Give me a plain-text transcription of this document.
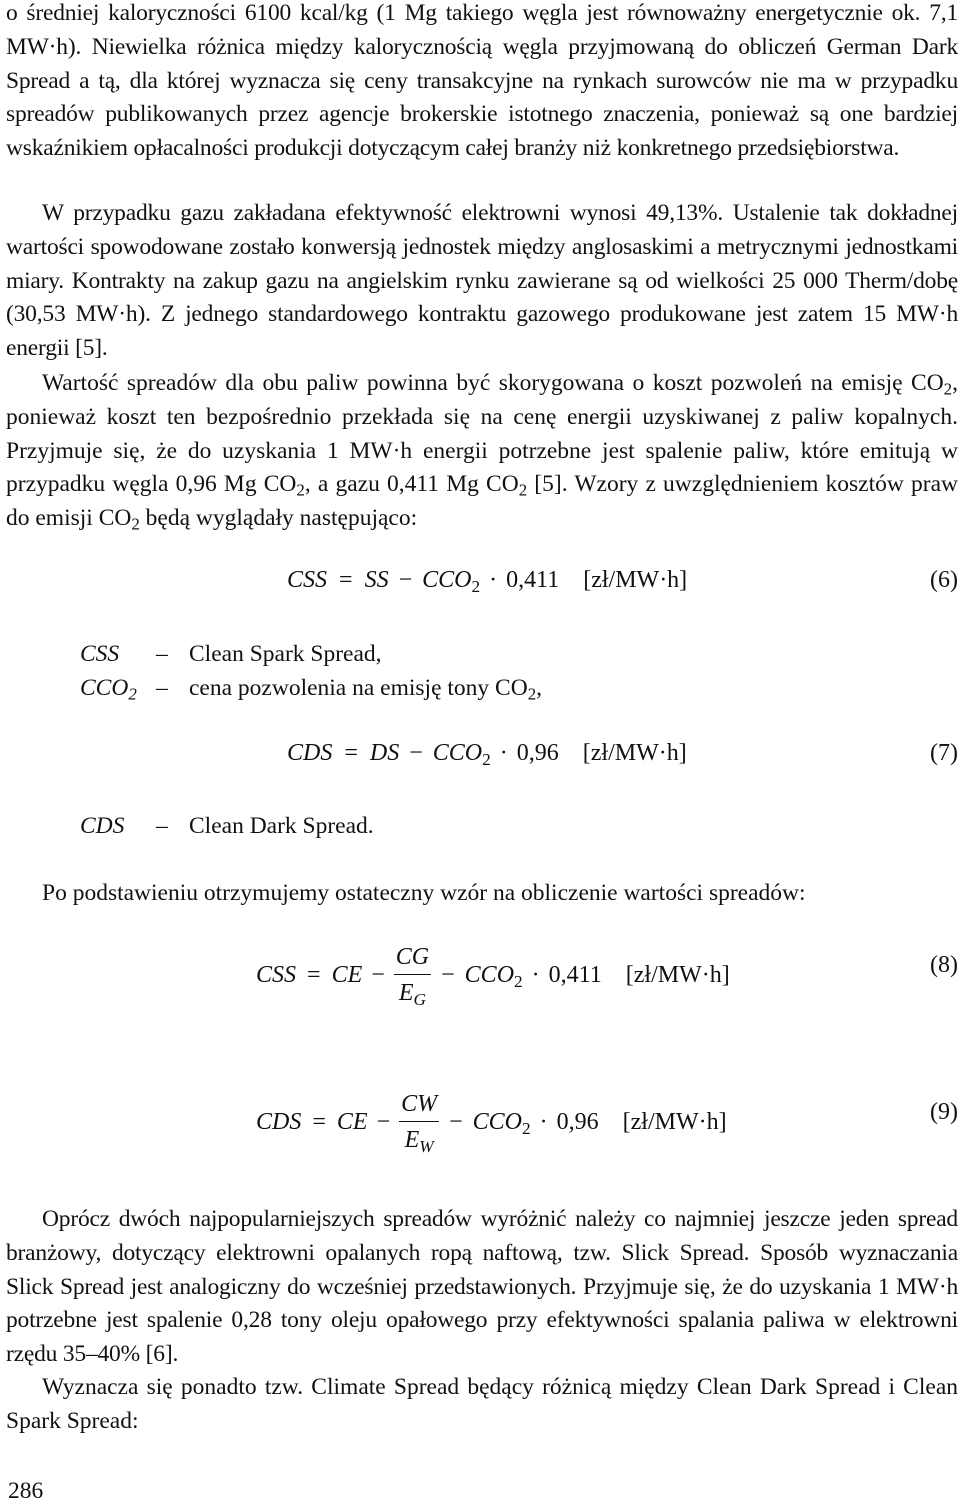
o średniej kaloryczności 6100 kcal/kg (1 Mg takiego węgla jest równoważny energetycznie ok. 7,1 MW·h). Niewielka różnica między kalorycznością węgla przyjmowaną do obliczeń German Dark Spread a tą, dla której wyznacza się ceny transakcyjne na rynkach surowców nie ma w przypadku spreadów publikowanych przez agencje brokerskie istotnego znaczenia, ponieważ są one bardziej wskaźnikiem opłacalności produkcji dotyczącym całej branży niż konkretnego przedsiębiorstwa.

W przypadku gazu zakładana efektywność elektrowni wynosi 49,13%. Ustalenie tak dokładnej wartości spowodowane zostało konwersją jednostek między anglosaskimi a metrycznymi jednostkami miary. Kontrakty na zakup gazu na angielskim rynku zawierane są od wielkości 25 000 Therm/dobę (30,53 MW·h). Z jednego standardowego kontraktu gazowego produkowane jest zatem 15 MW·h energii [5].

Wartość spreadów dla obu paliw powinna być skorygowana o koszt pozwoleń na emisję $CO_2$, ponieważ koszt ten bezpośrednio przekłada się na cenę energii uzyskiwanej z paliw kopalnych. Przyjmuje się, że do uzyskania 1 MW·h energii potrzebne jest spalenie paliw, które emitują w przypadku węgla 0,96 Mg $CO_2$, a gazu 0,411 Mg $CO_2$ [5]. Wzory z uwzględnieniem kosztów praw do emisji $CO_2$ będą wyglądały następująco:

CSS = SS − $CCO_2 \cdot 0,411$ [zł/MW·h]	(6)
CSS – Clean Spark Spread,
$CCO_2$ – cena pozwolenia na emisję tony $CO_2$,
CDS = DS − $CCO_2 \cdot 0,96$ [zł/MW·h]	(7)
CDS – Clean Dark Spread.

Po podstawieniu otrzymujemy ostateczny wzór na obliczenie wartości spreadów:

CSS = CE − $\frac{CG}{E_G} - CCO_2 \cdot 0,411$ [zł/MW·h]	(8)
CDS = CE − $\frac{CW}{E_W} - CCO_2 \cdot 0,96$ [zł/MW·h]	(9)

Oprócz dwóch najpopularniejszych spreadów wyróżnić należy co najmniej jeszcze jeden spread branżowy, dotyczący elektrowni opalanych ropą naftową, tzw. Slick Spread. Sposób wyznaczania Slick Spread jest analogiczny do wcześniej przedstawionych. Przyjmuje się, że do uzyskania 1 MW·h potrzebne jest spalenie 0,28 tony oleju opałowego przy efektywności spalania paliwa w elektrowni rzędu 35–40% [6].

Wyznacza się ponadto tzw. Climate Spread będący różnicą między Clean Dark Spread i Clean Spark Spread:

286
